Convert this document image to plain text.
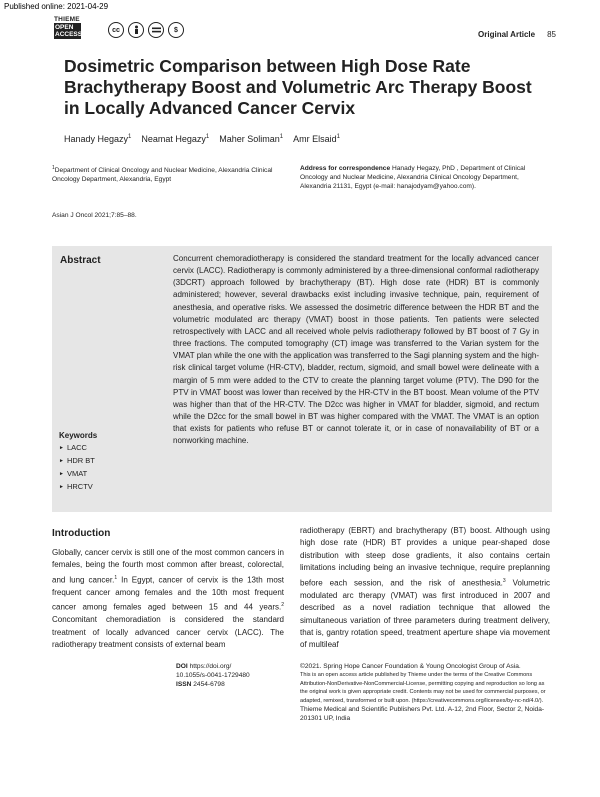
Published online: 2021-04-29
THIEME
OPEN
ACCESS
cc	$	Original Article 85
Dosimetric Comparison between High Dose Rate Brachytherapy Boost and Volumetric Arc Therapy Boost in Locally Advanced Cancer Cervix
Hanady Hegazy$^1$ Neamat Hegazy$^1$ Maher Soliman$^1$ Amr Elsaid$^1$
$^1$Department of Clinical Oncology and Nuclear Medicine, Alexandria Clinical Oncology Department, Alexandria, Egypt
Address for correspondence Hanady Hegazy, PhD , Department of Clinical Oncology and Nuclear Medicine, Alexandria Clinical Oncology Department, Alexandria 21131, Egypt (e-mail: hanajodyam@yahoo.com).
Asian J Oncol 2021;7:85–88.
Abstract	Concurrent chemoradiotherapy is considered the standard treatment for the locally advanced cancer cervix (LACC). Radiotherapy is commonly administered by a three-dimensional conformal radiotherapy (3DCRT) approach followed by brachytherapy (BT). High dose rate (HDR) BT is commonly administered; however, several drawbacks exist including invasive technique, pain, requirement of anesthesia, and operative risks. We assessed the dosimetric difference between the HDR BT and the volumetric modulated arc therapy (VMAT) boost in those patients. Ten patients were selected retrospectively with LACC and all received whole pelvis radiotherapy followed by BT boost of 7 Gy in three fractions. The computed tomography (CT) image was transferred to the Varian system for the VMAT plan while the one with the application was transferred to the Sagi planning system and the high-risk clinical target volume (HR-CTV), bladder, rectum, sigmoid, and small bowel were delineate with a margin of 5 mm were added to the CTV to create the planning target volume (PTV). The D90 for the PTV in VMAT boost was lower than received by the HR-CTV in the BT boost. Mean volume of the PTV was higher than that of the HR-CTV. The D2cc was higher in VMAT for bladder, sigmoid, and rectum while the D2cc for the small bowel in BT was higher compared with the VMAT. The VMAT is an option that exists for patients who refuse BT or cannot tolerate it, or in case of nonavailability of BT or a nonworking machine.
Keywords
► LACC
► HDR BT
► VMAT
► HRCTV
Introduction
Globally, cancer cervix is still one of the most common cancers in females, being the fourth most common after breast, colorectal, and lung cancer.$^1$ In Egypt, cancer of cervix is the 13th most frequent cancer among females and the 10th most frequent cancer among females aged between 15 and 44 years.$^2$ Concomitant chemoradiation is considered the standard treatment of locally advanced cancer cervix (LACC). The radiotherapy treatment consists of external beam
radiotherapy (EBRT) and brachytherapy (BT) boost. Although using high dose rate (HDR) BT provides a unique pear-shaped dose distribution with steep dose gradients, it also contains certain limitations including being an invasive technique, require preplanning before each session, and the risk of anesthesia.$^3$ Volumetric modulated arc therapy (VMAT) was first introduced in 2007 and described as a novel radiation technique that allowed the simultaneous variation of three parameters during treatment delivery, that is, gantry rotation speed, treatment aperture shape via movement of multileaf
DOI https://doi.org/
10.1055/s-0041-1729480
ISSN 2454-6798
©2021. Spring Hope Cancer Foundation & Young Oncologist Group of Asia.
This is an open access article published by Thieme under the terms of the Creative Commons Attribution-NonDerivative-NonCommercial-License, permitting copying and reproduction so long as the original work is given appropriate credit. Contents may not be used for commercial purposes, or adapted, remixed, transformed or built upon. (https://creativecommons.org/licenses/by-nc-nd/4.0/).
Thieme Medical and Scientific Publishers Pvt. Ltd. A-12, 2nd Floor, Sector 2, Noida-201301 UP, India
